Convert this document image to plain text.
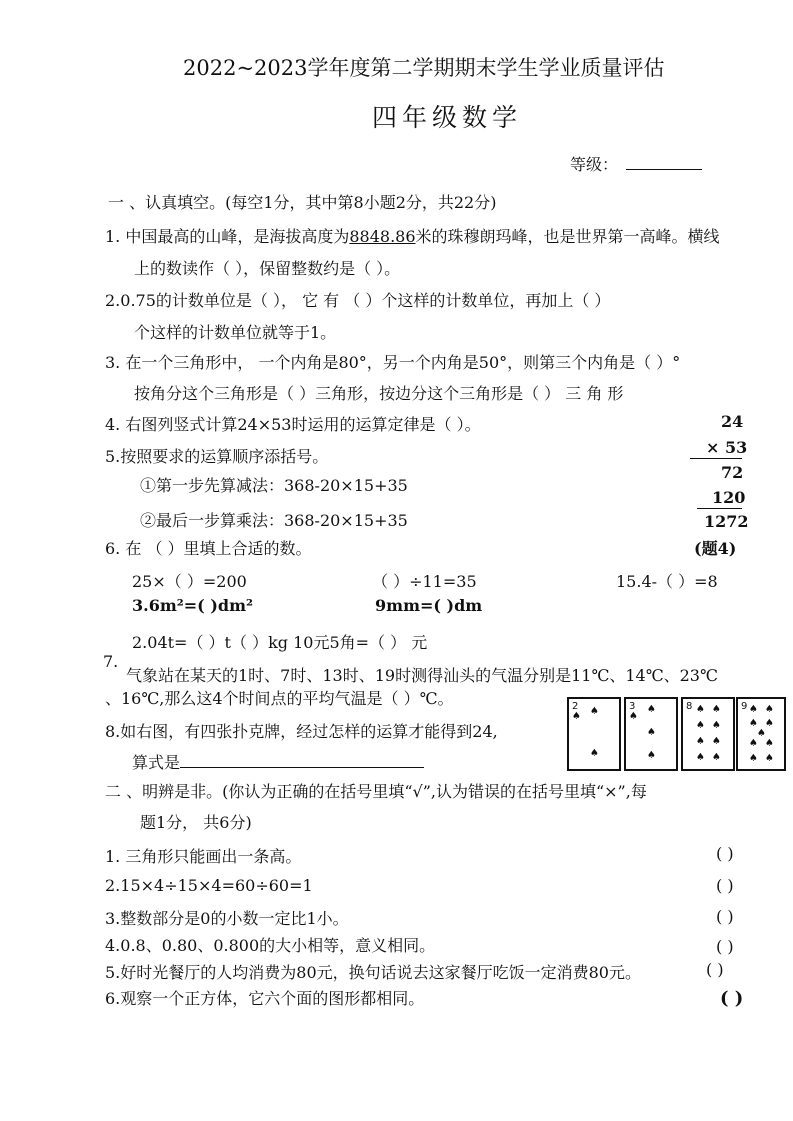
2022~2023学年度第二学期期末学生学业质量评估
四年级数学
等级：
一 、认真填空。(每空1分，其中第8小题2分，共22分)
1. 中国最高的山峰，是海拔高度为8848.86米的珠穆朗玛峰，也是世界第一高峰。横线
上的数读作（ ），保留整数约是（ ）。
2.0.75的计数单位是（ ）， 它 有 （ ）个这样的计数单位，再加上（ ）
个这样的计数单位就等于1。
3. 在一个三角形中， 一个内角是80°，另一个内角是50°，则第三个内角是（ ）°
按角分这个三角形是（ ）三角形，按边分这个三角形是（ ） 三 角 形
4. 右图列竖式计算24×53时运用的运算定律是（ ）。
5.按照要求的运算顺序添括号。
①第一步先算减法：368-20×15+35
②最后一步算乘法：368-20×15+35
24
× 53
72
120
1272
(题4)
6. 在 （ ）里填上合适的数。
25×（ ）=200	（ ）÷11=35	15.4-（ ）=8
3.6m²=( )dm²	9mm=( )dm
2.04t=（ ）t（ ）kg 10元5角=（ ） 元
7.
气象站在某天的1时、7时、13时、19时测得汕头的气温分别是11℃、14℃、23℃
、16℃,那么这4个时间点的平均气温是（ ）℃。
8.如右图，有四张扑克牌，经过怎样的运算才能得到24,
算式是
2
♠ ♠
♠
3
♠
♠
♠
♠
8 ♠ ♠
♠ ♠
♠ ♠
♠ ♠
9 ♠ ♠
♠ ♠
♠
♠ ♠
♠ ♠
二 、明辨是非。(你认为正确的在括号里填“√”,认为错误的在括号里填“×”,每
题1分， 共6分)
1. 三角形只能画出一条高。	( )
2.15×4÷15×4=60÷60=1	( )
3.整数部分是0的小数一定比1小。	( )
4.0.8、0.80、0.800的大小相等，意义相同。	( )
5.好时光餐厅的人均消费为80元，换句话说去这家餐厅吃饭一定消费80元。	( )
6.观察一个正方体，它六个面的图形都相同。	( )
